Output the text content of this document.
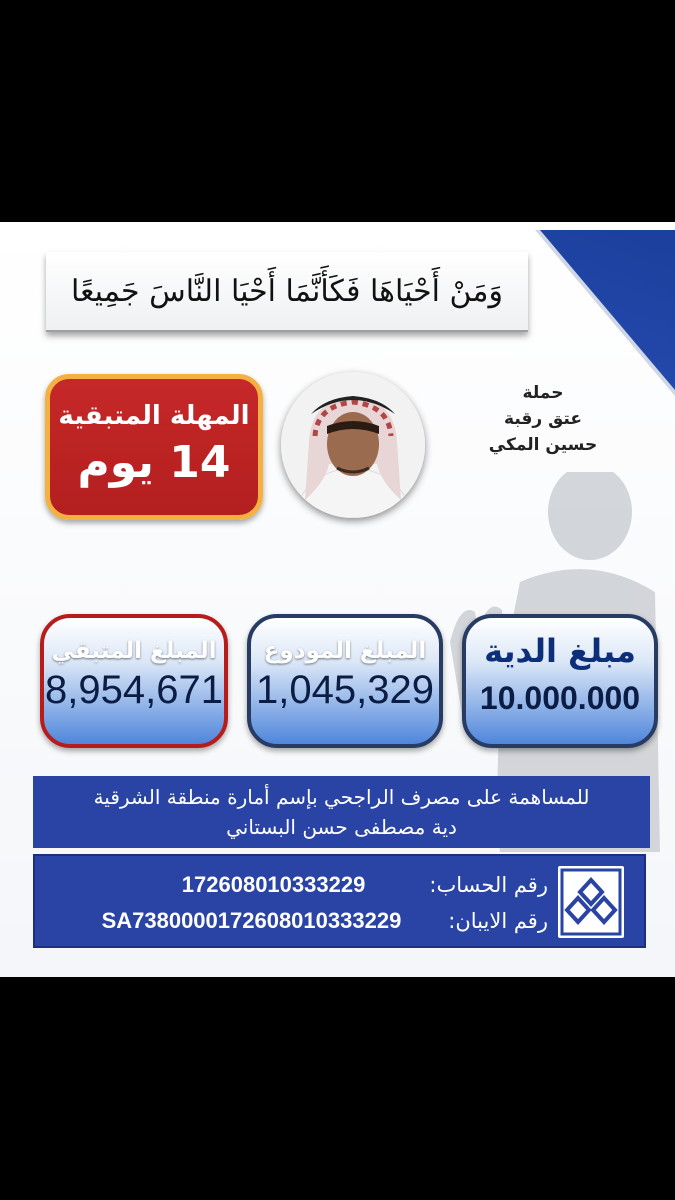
وَمَنْ أَحْيَاهَا فَكَأَنَّمَا أَحْيَا النَّاسَ جَمِيعًا
حملة
عتق رقبة
حسين المكي
المهلة المتبقية
14 يوم
المبلغ المتبقي
8,954,671
المبلغ المودوع
1,045,329
مبلغ الدية
10.000.000
للمساهمة على مصرف الراجحي بإسم أمارة منطقة الشرقية
دية مصطفى حسن البستاني
رقم الحساب: 172608010333229
رقم الايبان: SA7380000172608010333229
